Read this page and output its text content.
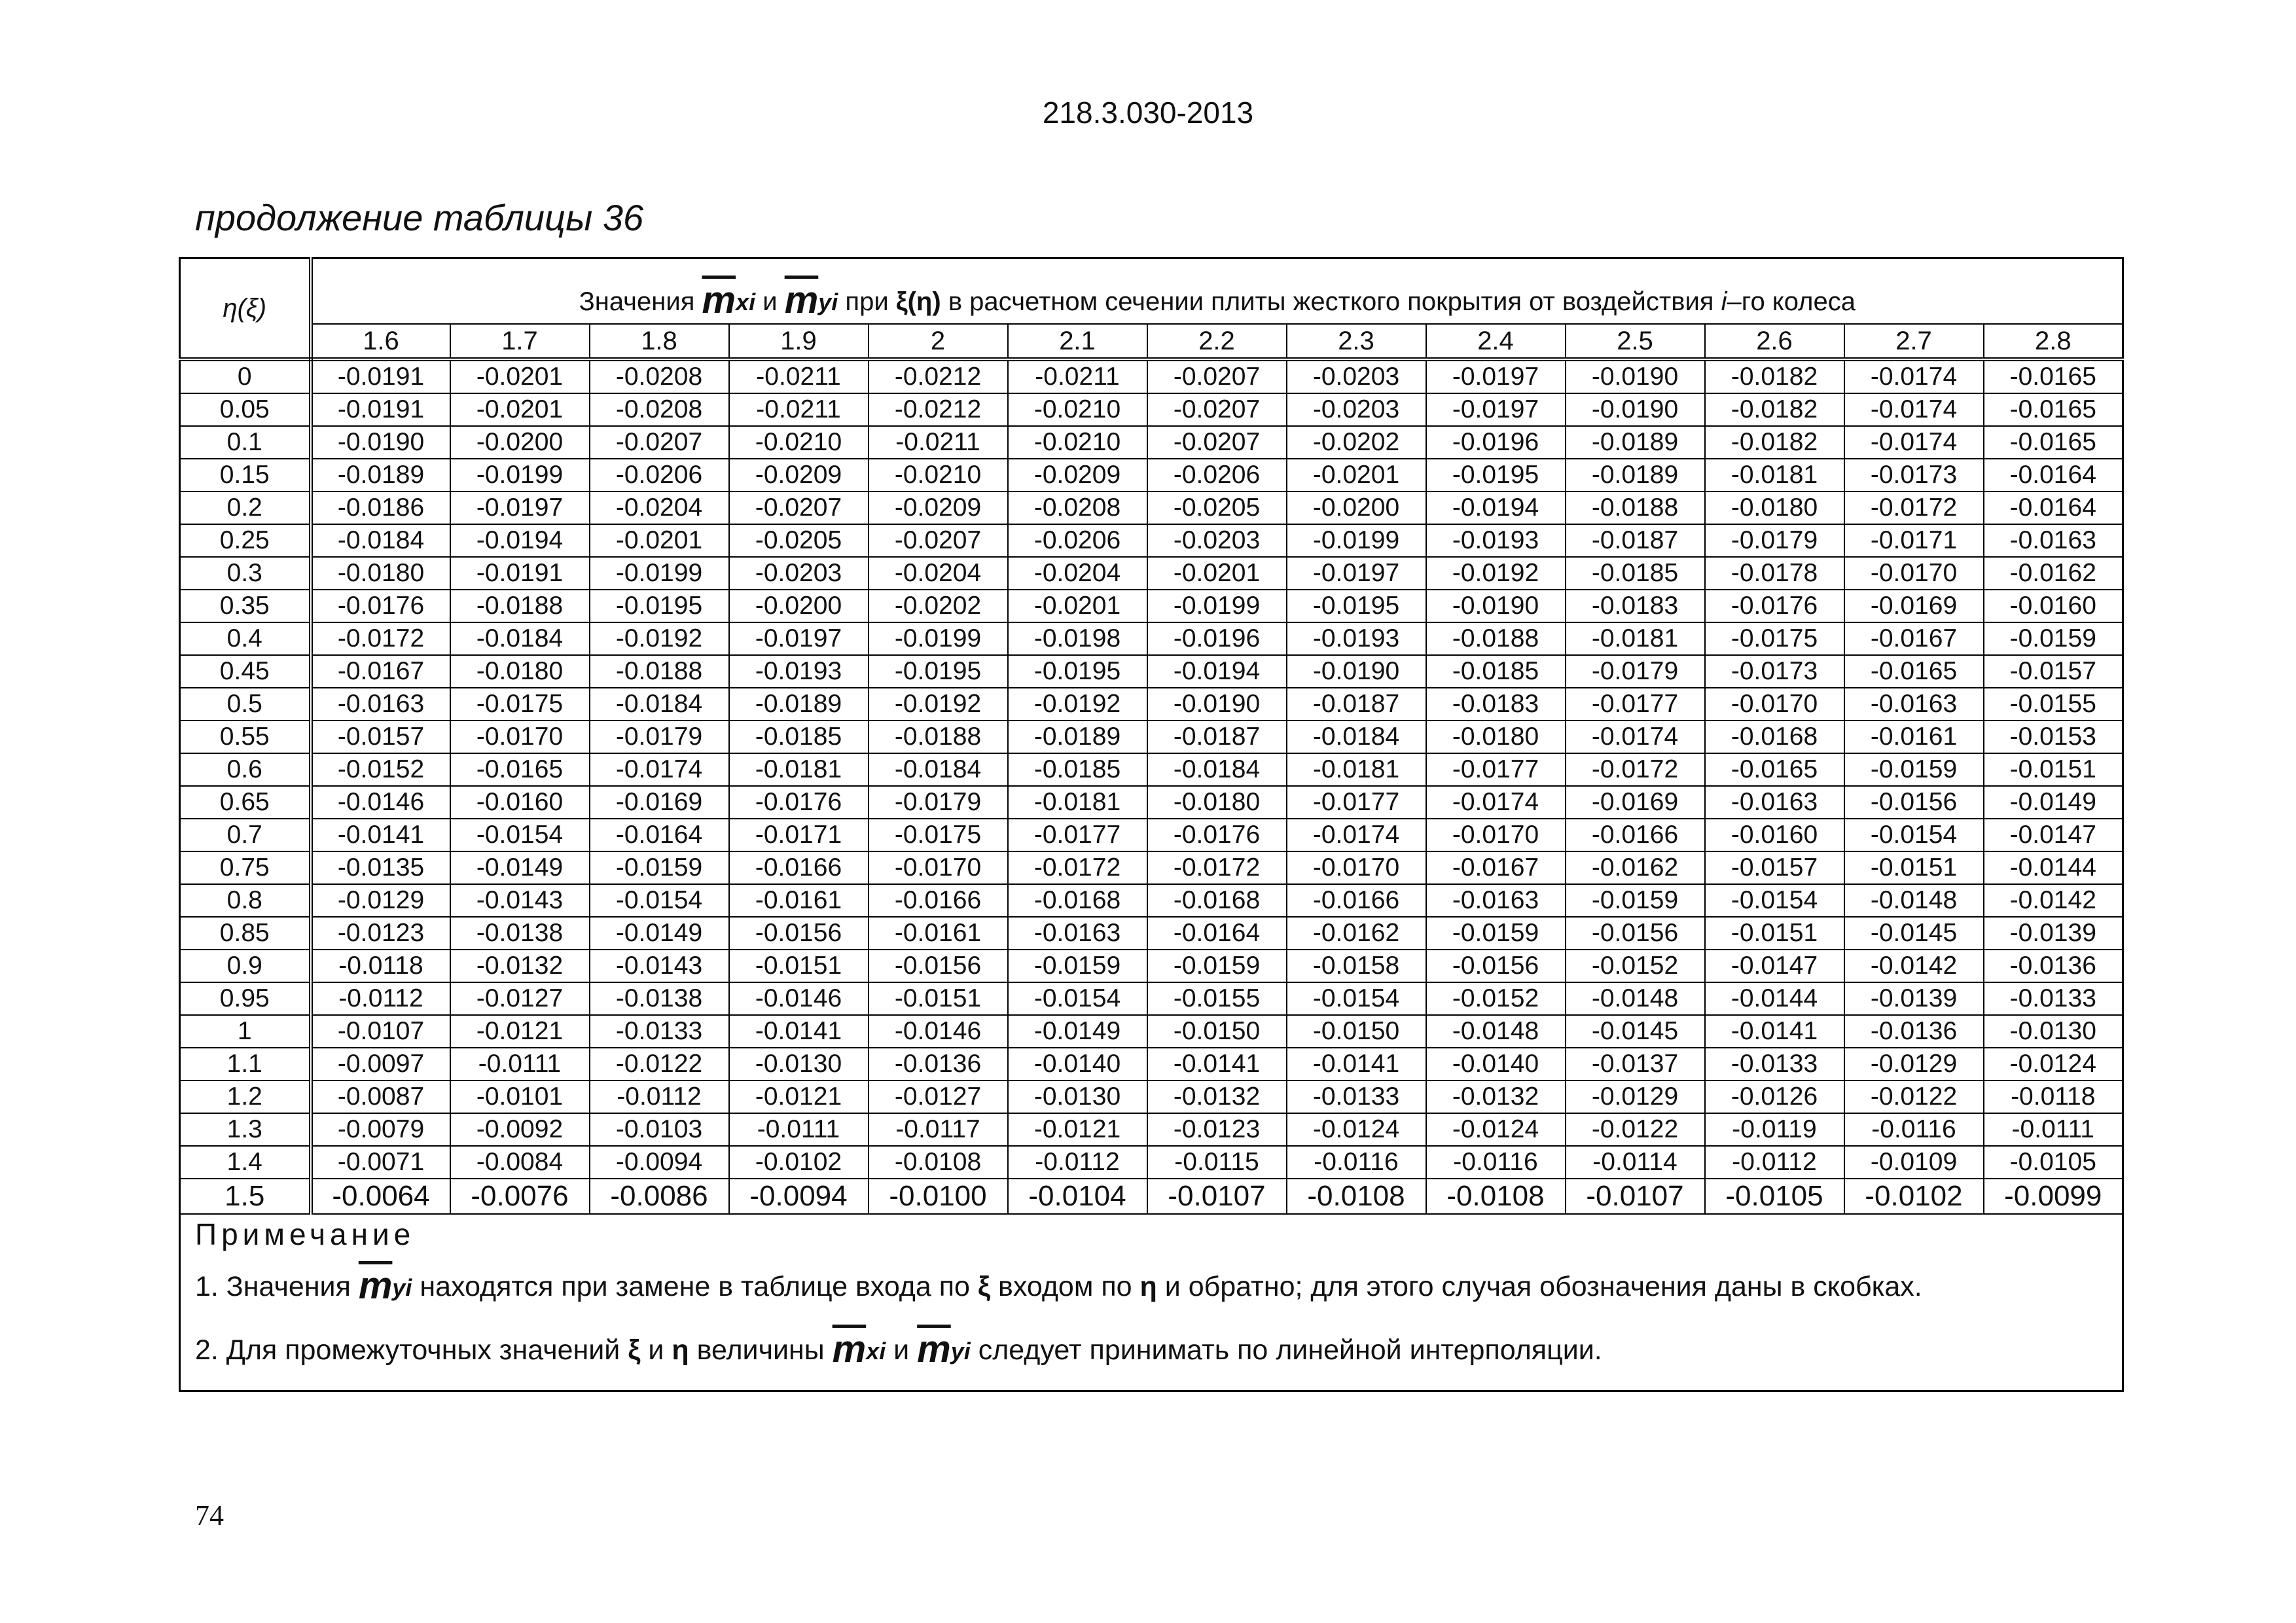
218.3.030-2013
продолжение таблицы 36
η(ξ)	Значения $\overline{m}xi$ и $\overline{m}yi$ при ξ(η) в расчетном сечении плиты жесткого покрытия от воздействия i–го колеса												
	1.6	1.7	1.8	1.9	2	2.1	2.2	2.3	2.4	2.5	2.6	2.7	2.8
0	-0.0191	-0.0201	-0.0208	-0.0211	-0.0212	-0.0211	-0.0207	-0.0203	-0.0197	-0.0190	-0.0182	-0.0174	-0.0165
0.05	-0.0191	-0.0201	-0.0208	-0.0211	-0.0212	-0.0210	-0.0207	-0.0203	-0.0197	-0.0190	-0.0182	-0.0174	-0.0165
0.1	-0.0190	-0.0200	-0.0207	-0.0210	-0.0211	-0.0210	-0.0207	-0.0202	-0.0196	-0.0189	-0.0182	-0.0174	-0.0165
0.15	-0.0189	-0.0199	-0.0206	-0.0209	-0.0210	-0.0209	-0.0206	-0.0201	-0.0195	-0.0189	-0.0181	-0.0173	-0.0164
0.2	-0.0186	-0.0197	-0.0204	-0.0207	-0.0209	-0.0208	-0.0205	-0.0200	-0.0194	-0.0188	-0.0180	-0.0172	-0.0164
0.25	-0.0184	-0.0194	-0.0201	-0.0205	-0.0207	-0.0206	-0.0203	-0.0199	-0.0193	-0.0187	-0.0179	-0.0171	-0.0163
0.3	-0.0180	-0.0191	-0.0199	-0.0203	-0.0204	-0.0204	-0.0201	-0.0197	-0.0192	-0.0185	-0.0178	-0.0170	-0.0162
0.35	-0.0176	-0.0188	-0.0195	-0.0200	-0.0202	-0.0201	-0.0199	-0.0195	-0.0190	-0.0183	-0.0176	-0.0169	-0.0160
0.4	-0.0172	-0.0184	-0.0192	-0.0197	-0.0199	-0.0198	-0.0196	-0.0193	-0.0188	-0.0181	-0.0175	-0.0167	-0.0159
0.45	-0.0167	-0.0180	-0.0188	-0.0193	-0.0195	-0.0195	-0.0194	-0.0190	-0.0185	-0.0179	-0.0173	-0.0165	-0.0157
0.5	-0.0163	-0.0175	-0.0184	-0.0189	-0.0192	-0.0192	-0.0190	-0.0187	-0.0183	-0.0177	-0.0170	-0.0163	-0.0155
0.55	-0.0157	-0.0170	-0.0179	-0.0185	-0.0188	-0.0189	-0.0187	-0.0184	-0.0180	-0.0174	-0.0168	-0.0161	-0.0153
0.6	-0.0152	-0.0165	-0.0174	-0.0181	-0.0184	-0.0185	-0.0184	-0.0181	-0.0177	-0.0172	-0.0165	-0.0159	-0.0151
0.65	-0.0146	-0.0160	-0.0169	-0.0176	-0.0179	-0.0181	-0.0180	-0.0177	-0.0174	-0.0169	-0.0163	-0.0156	-0.0149
0.7	-0.0141	-0.0154	-0.0164	-0.0171	-0.0175	-0.0177	-0.0176	-0.0174	-0.0170	-0.0166	-0.0160	-0.0154	-0.0147
0.75	-0.0135	-0.0149	-0.0159	-0.0166	-0.0170	-0.0172	-0.0172	-0.0170	-0.0167	-0.0162	-0.0157	-0.0151	-0.0144
0.8	-0.0129	-0.0143	-0.0154	-0.0161	-0.0166	-0.0168	-0.0168	-0.0166	-0.0163	-0.0159	-0.0154	-0.0148	-0.0142
0.85	-0.0123	-0.0138	-0.0149	-0.0156	-0.0161	-0.0163	-0.0164	-0.0162	-0.0159	-0.0156	-0.0151	-0.0145	-0.0139
0.9	-0.0118	-0.0132	-0.0143	-0.0151	-0.0156	-0.0159	-0.0159	-0.0158	-0.0156	-0.0152	-0.0147	-0.0142	-0.0136
0.95	-0.0112	-0.0127	-0.0138	-0.0146	-0.0151	-0.0154	-0.0155	-0.0154	-0.0152	-0.0148	-0.0144	-0.0139	-0.0133
1	-0.0107	-0.0121	-0.0133	-0.0141	-0.0146	-0.0149	-0.0150	-0.0150	-0.0148	-0.0145	-0.0141	-0.0136	-0.0130
1.1	-0.0097	-0.0111	-0.0122	-0.0130	-0.0136	-0.0140	-0.0141	-0.0141	-0.0140	-0.0137	-0.0133	-0.0129	-0.0124
1.2	-0.0087	-0.0101	-0.0112	-0.0121	-0.0127	-0.0130	-0.0132	-0.0133	-0.0132	-0.0129	-0.0126	-0.0122	-0.0118
1.3	-0.0079	-0.0092	-0.0103	-0.0111	-0.0117	-0.0121	-0.0123	-0.0124	-0.0124	-0.0122	-0.0119	-0.0116	-0.0111
1.4	-0.0071	-0.0084	-0.0094	-0.0102	-0.0108	-0.0112	-0.0115	-0.0116	-0.0116	-0.0114	-0.0112	-0.0109	-0.0105
1.5	-0.0064	-0.0076	-0.0086	-0.0094	-0.0100	-0.0104	-0.0107	-0.0108	-0.0108	-0.0107	-0.0105	-0.0102	-0.0099

Примечание
1. Значения $\overline{m}yi$ находятся при замене в таблице входа по ξ входом по η и обратно; для этого случая обозначения даны в скобках.
2. Для промежуточных значений ξ и η величины $\overline{m}xi$ и $\overline{m}yi$ следует принимать по линейной интерполяции.													
74
